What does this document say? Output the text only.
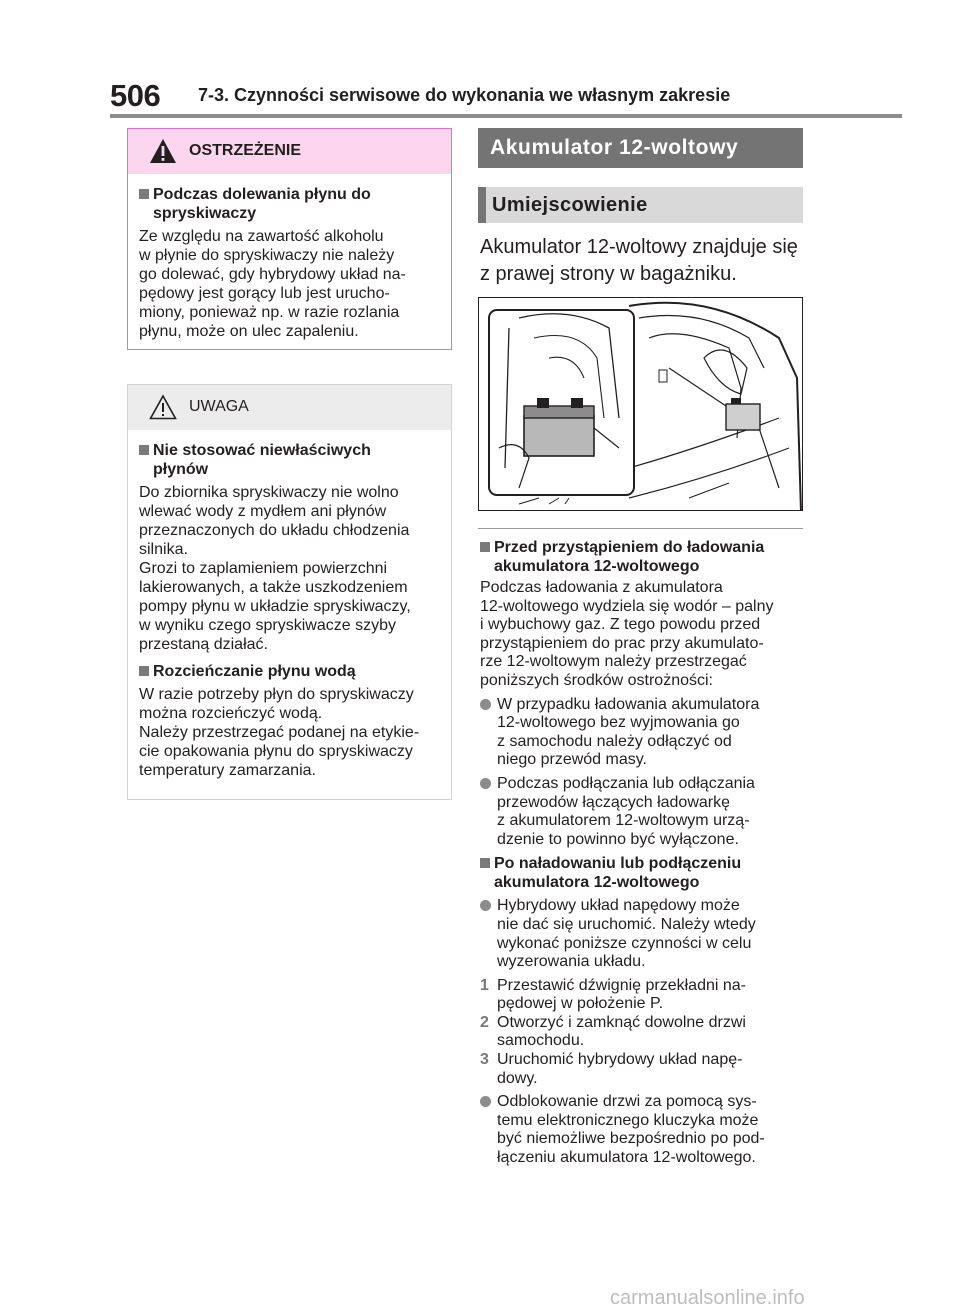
506 7-3. Czynności serwisowe do wykonania we własnym zakresie
OSTRZEŻENIE
Podczas dolewania płynu do
spryskiwaczy
Ze względu na zawartość alkoholu
w płynie do spryskiwaczy nie należy
go dolewać, gdy hybrydowy układ na-
pędowy jest gorący lub jest urucho-
miony, ponieważ np. w razie rozlania
płynu, może on ulec zapaleniu.
UWAGA
Nie stosować niewłaściwych
płynów
Do zbiornika spryskiwaczy nie wolno
wlewać wody z mydłem ani płynów
przeznaczonych do układu chłodzenia
silnika.
Grozi to zaplamieniem powierzchni
lakierowanych, a także uszkodzeniem
pompy płynu w układzie spryskiwaczy,
w wyniku czego spryskiwacze szyby
przestaną działać.
Rozcieńczanie płynu wodą
W razie potrzeby płyn do spryskiwaczy
można rozcieńczyć wodą.
Należy przestrzegać podanej na etykie-
cie opakowania płynu do spryskiwaczy
temperatury zamarzania.
Akumulator 12-woltowy
Umiejscowienie
Akumulator 12-woltowy znajduje się
z prawej strony w bagażniku.
Przed przystąpieniem do ładowania
akumulatora 12-woltowego
Podczas ładowania z akumulatora
12-woltowego wydziela się wodór – palny
i wybuchowy gaz. Z tego powodu przed
przystąpieniem do prac przy akumulato-
rze 12-woltowym należy przestrzegać
poniższych środków ostrożności:
W przypadku ładowania akumulatora
12-woltowego bez wyjmowania go
z samochodu należy odłączyć od
niego przewód masy.
Podczas podłączania lub odłączania
przewodów łączących ładowarkę
z akumulatorem 12-woltowym urzą-
dzenie to powinno być wyłączone.
Po naładowaniu lub podłączeniu
akumulatora 12-woltowego
Hybrydowy układ napędowy może
nie dać się uruchomić. Należy wtedy
wykonać poniższe czynności w celu
wyzerowania układu.
1 Przestawić dźwignię przekładni na-
pędowej w położenie P.
2 Otworzyć i zamknąć dowolne drzwi
samochodu.
3 Uruchomić hybrydowy układ napę-
dowy.
Odblokowanie drzwi za pomocą sys-
temu elektronicznego kluczyka może
być niemożliwe bezpośrednio po pod-
łączeniu akumulatora 12-woltowego.
carmanualsonline.info
